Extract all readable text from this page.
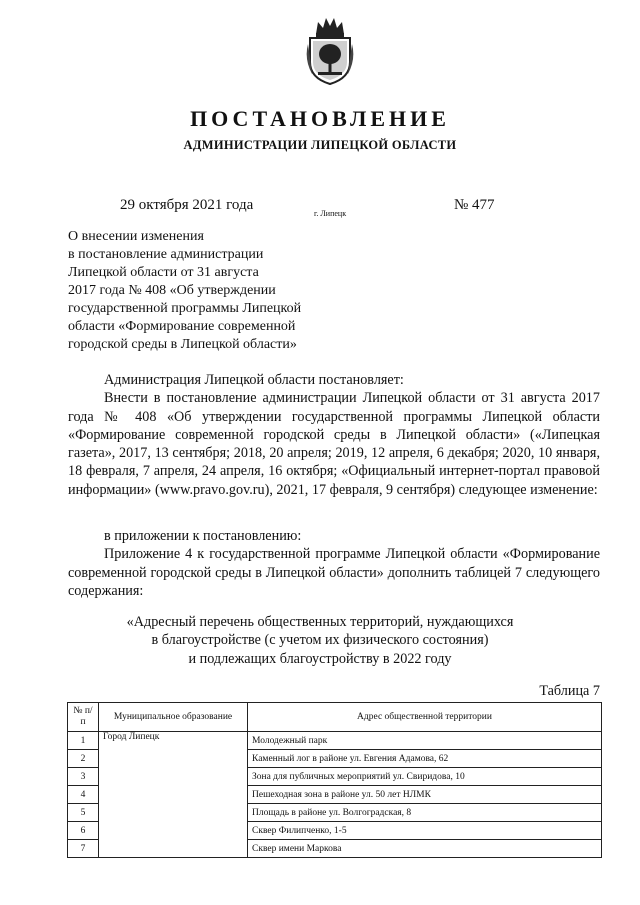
ПОСТАНОВЛЕНИЕ
АДМИНИСТРАЦИИ ЛИПЕЦКОЙ ОБЛАСТИ
29 октября 2021 года
г. Липецк
№ 477
О внесении изменения
в постановление администрации
Липецкой области от 31 августа
2017 года № 408 «Об утверждении
государственной программы Липецкой
области «Формирование современной
городской среды в Липецкой области»

Администрация Липецкой области постановляет:

Внести в постановление администрации Липецкой области от 31 августа 2017 года № 408 «Об утверждении государственной программы Липецкой области «Формирование современной городской среды в Липецкой области» («Липецкая газета», 2017, 13 сентября; 2018, 20 апреля; 2019, 12 апреля, 6 декабря; 2020, 10 января, 18 февраля, 7 апреля, 24 апреля, 16 октября; «Официальный интернет-портал правовой информации» (www.pravo.gov.ru), 2021, 17 февраля, 9 сентября) следующее изменение:

в приложении к постановлению:

Приложение 4 к государственной программе Липецкой области «Формирование современной городской среды в Липецкой области» дополнить таблицей 7 следующего содержания:

«Адресный перечень общественных территорий, нуждающихся
в благоустройстве (с учетом их физического состояния)
и подлежащих благоустройству в 2022 году
Таблица 7
№ п/п	Муниципальное образование	Адрес общественной территории
1	Город Липецк	Молодежный парк
2		Каменный лог в районе ул. Евгения Адамова, 62
3		Зона для публичных мероприятий ул. Свиридова, 10
4		Пешеходная зона в районе ул. 50 лет НЛМК
5		Площадь в районе ул. Волгоградская, 8
6		Сквер Филипченко, 1-5
7		Сквер имени Маркова
